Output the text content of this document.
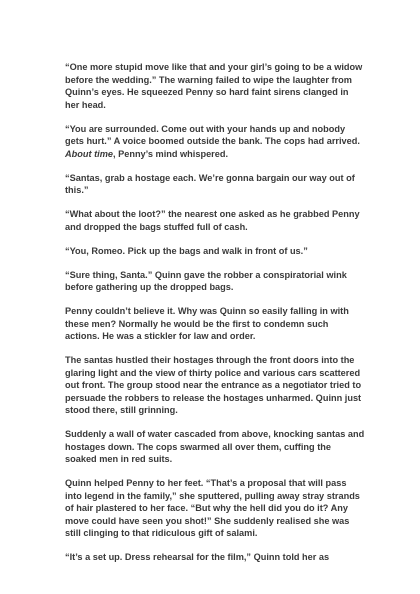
“One more stupid move like that and your girl’s going to be a widow before the wedding.” The warning failed to wipe the laughter from Quinn’s eyes. He squeezed Penny so hard faint sirens clanged in her head.

“You are surrounded. Come out with your hands up and nobody gets hurt.” A voice boomed outside the bank. The cops had arrived. About time, Penny’s mind whispered.

“Santas, grab a hostage each. We’re gonna bargain our way out of this.”

“What about the loot?” the nearest one asked as he grabbed Penny and dropped the bags stuffed full of cash.

“You, Romeo. Pick up the bags and walk in front of us.”

“Sure thing, Santa.” Quinn gave the robber a conspiratorial wink before gathering up the dropped bags.

Penny couldn’t believe it. Why was Quinn so easily falling in with these men? Normally he would be the first to condemn such actions. He was a stickler for law and order.

The santas hustled their hostages through the front doors into the glaring light and the view of thirty police and various cars scattered out front. The group stood near the entrance as a negotiator tried to persuade the robbers to release the hostages unharmed. Quinn just stood there, still grinning.

Suddenly a wall of water cascaded from above, knocking santas and hostages down. The cops swarmed all over them, cuffing the soaked men in red suits.

Quinn helped Penny to her feet. “That’s a proposal that will pass into legend in the family,” she sputtered, pulling away stray strands of hair plastered to her face. “But why the hell did you do it? Any move could have seen you shot!” She suddenly realised she was still clinging to that ridiculous gift of salami.

“It’s a set up. Dress rehearsal for the film,” Quinn told her as
